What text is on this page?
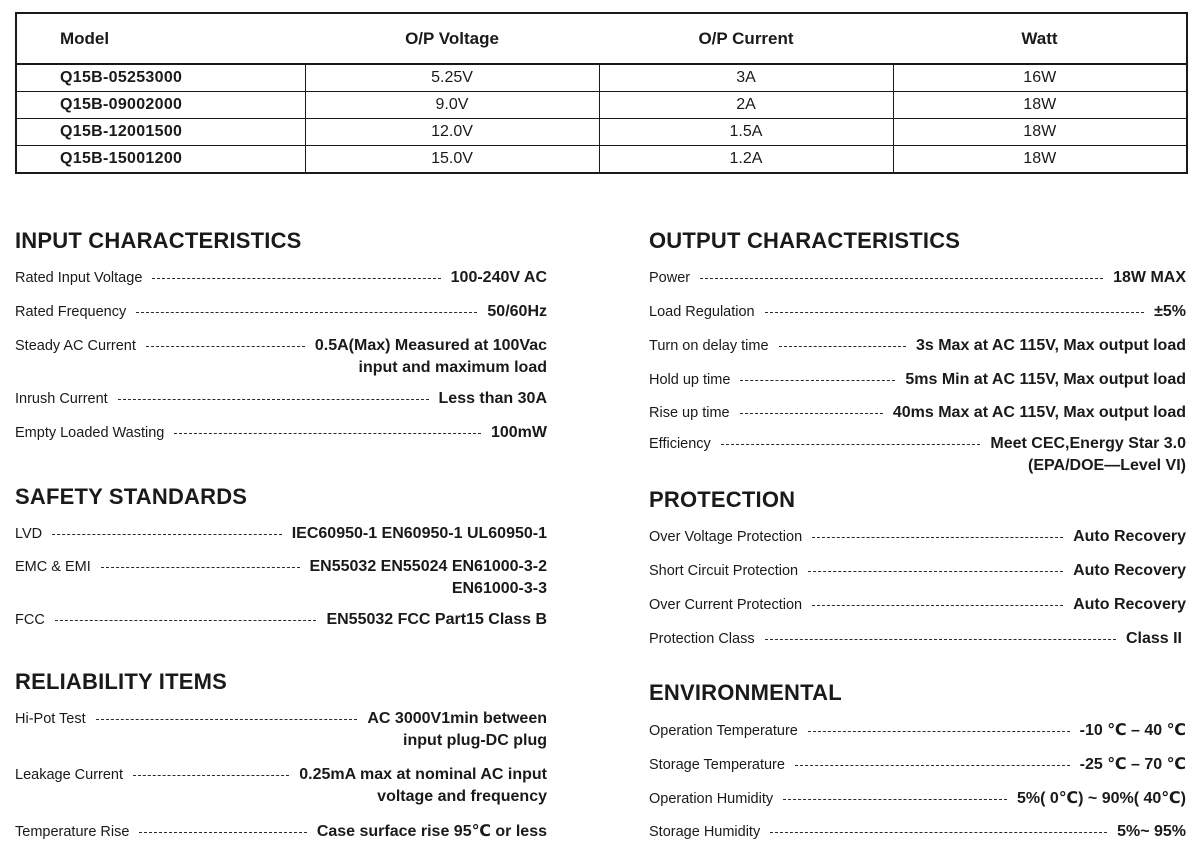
Model	O/P Voltage	O/P Current	Watt
Q15B-05253000	5.25V	3A	16W
Q15B-09002000	9.0V	2A	18W
Q15B-12001500	12.0V	1.5A	18W
Q15B-15001200	15.0V	1.2A	18W
INPUT CHARACTERISTICS
Rated Input Voltage	100-240V AC
Rated Frequency	50/60Hz
Steady AC Current	0.5A(Max) Measured at 100Vac
input and maximum load
Inrush Current	Less than 30A
Empty Loaded Wasting	100mW
SAFETY STANDARDS
LVD	IEC60950-1 EN60950-1 UL60950-1
EMC & EMI	EN55032 EN55024 EN61000-3-2
EN61000-3-3
FCC	EN55032 FCC Part15 Class B
RELIABILITY ITEMS
Hi-Pot Test	AC 3000V1min between
input plug-DC plug
Leakage Current	0.25mA max at nominal AC input
voltage and frequency
Temperature Rise	Case surface rise 95℃ or less
OUTPUT CHARACTERISTICS
Power	18W MAX
Load Regulation	±5%
Turn on delay time	3s Max at AC 115V, Max output load
Hold up time	5ms Min at AC 115V, Max output load
Rise up time	40ms Max at AC 115V, Max output load
Efficiency	Meet CEC,Energy Star 3.0
(EPA/DOE—Level VI)
PROTECTION
Over Voltage Protection	Auto Recovery
Short Circuit Protection	Auto Recovery
Over Current Protection	Auto Recovery
Protection Class	Class II
ENVIRONMENTAL
Operation Temperature	-10 ℃ – 40 ℃
Storage Temperature	-25 ℃ – 70 ℃
Operation Humidity	5%( 0℃) ~ 90%( 40℃)
Storage Humidity	5%~ 95%
